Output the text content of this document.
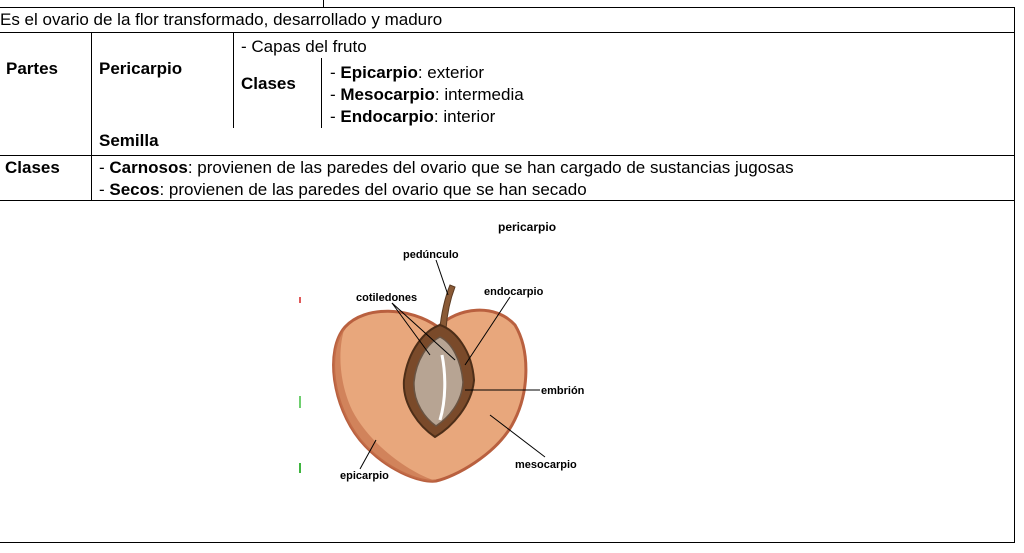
Es el ovario de la flor transformado, desarrollado y maduro
Partes Pericarpio
- Capas del fruto
Clases
- Epicarpio: exterior
- Mesocarpio: intermedia
- Endocarpio: interior
Semilla
Clases - Carnosos: provienen de las paredes del ovario que se han cargado de sustancias jugosas
- Secos: provienen de las paredes del ovario que se han secado
pericarpio
pedúnculo
cotiledones	endocarpio
embrión
mesocarpio
epicarpio
